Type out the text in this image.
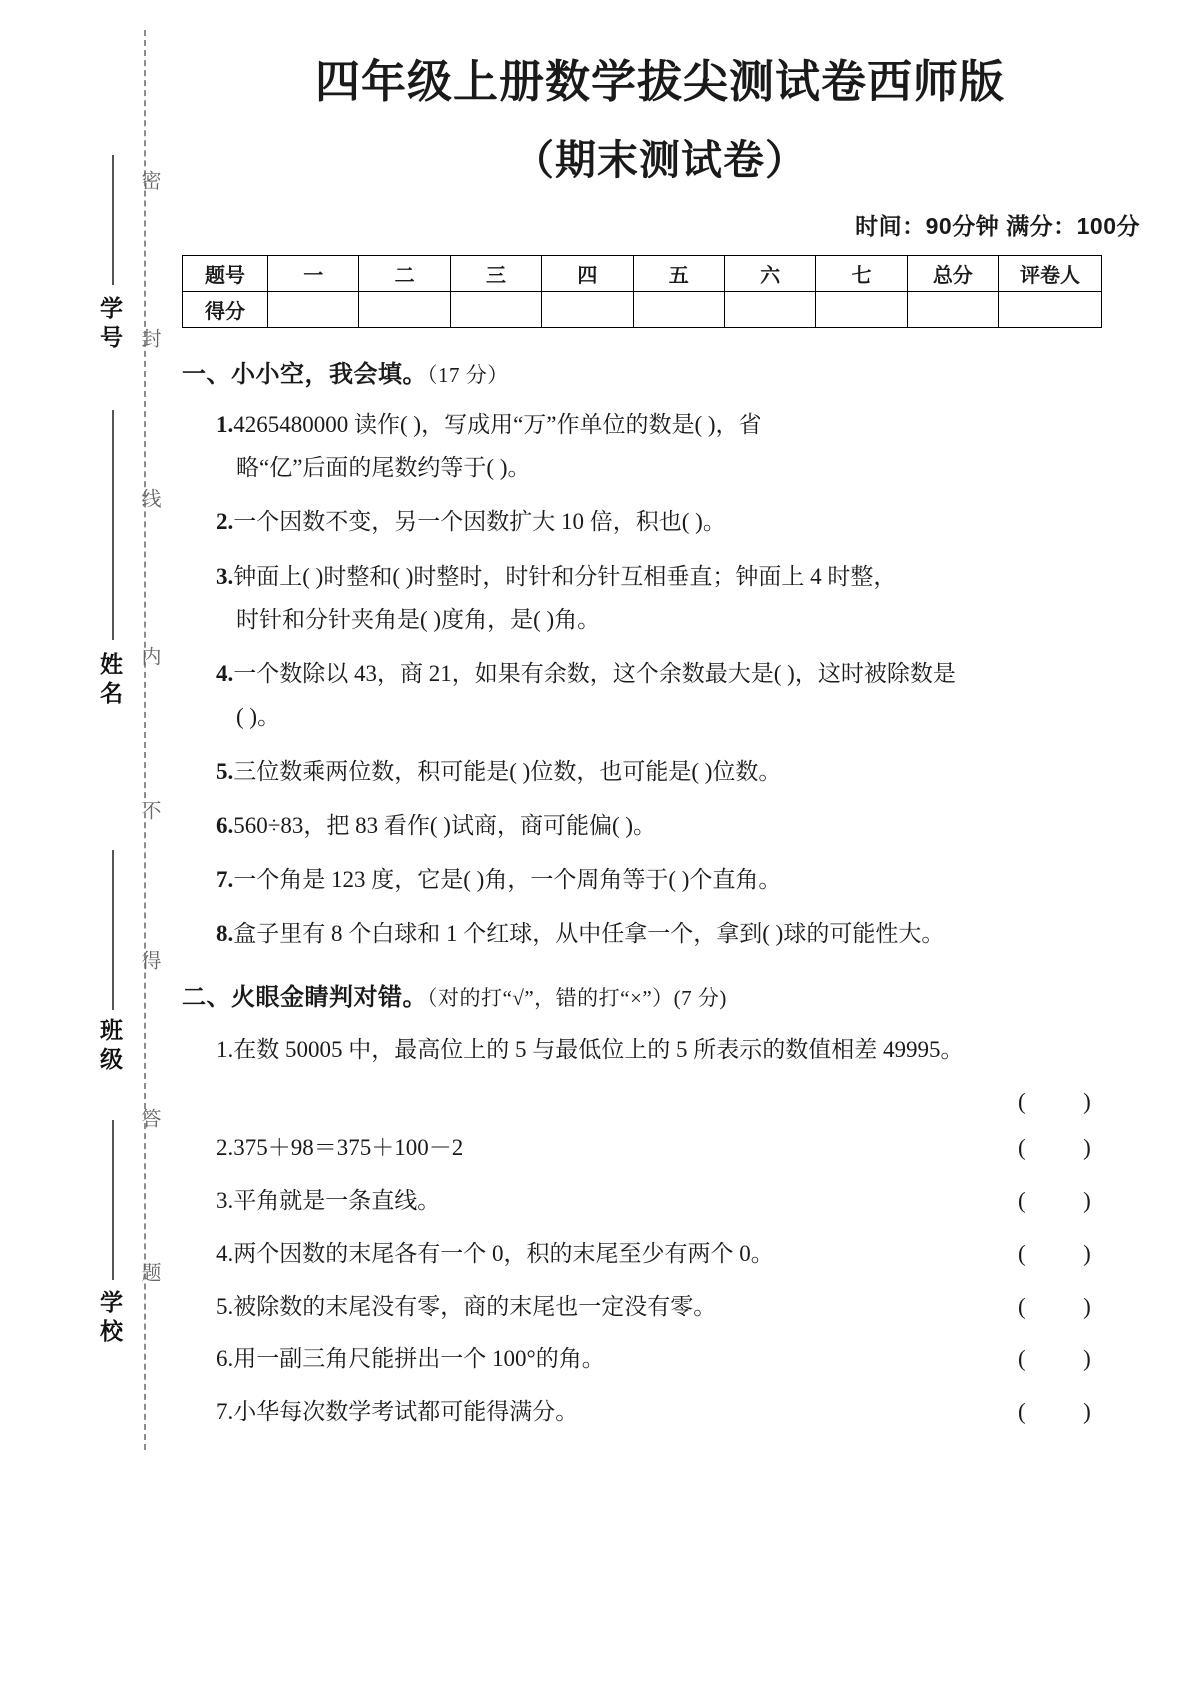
密
封
线
内
不
得
答
题
学号
姓名
班级
学校
四年级上册数学拔尖测试卷西师版
（期末测试卷）
时间：90分钟 满分：100分
题号	一	二	三	四	五	六	七	总分	评卷人
得分									
一、小小空，我会填。（17 分）
1.4265480000 读作( )，写成用“万”作单位的数是( )，省
略“亿”后面的尾数约等于( )。
2.一个因数不变，另一个因数扩大 10 倍，积也( )。
3.钟面上( )时整和( )时整时，时针和分针互相垂直；钟面上 4 时整，
时针和分针夹角是( )度角，是( )角。
4.一个数除以 43，商 21，如果有余数，这个余数最大是( )，这时被除数是
( )。
5.三位数乘两位数，积可能是( )位数，也可能是( )位数。
6.560÷83，把 83 看作( )试商，商可能偏( )。
7.一个角是 123 度，它是( )角，一个周角等于( )个直角。
8.盒子里有 8 个白球和 1 个红球，从中任拿一个，拿到( )球的可能性大。
二、火眼金睛判对错。（对的打“√”，错的打“×”）(7 分)
1.在数 50005 中，最高位上的 5 与最低位上的 5 所表示的数值相差 49995。
(          )
2.375＋98＝375＋100－2	(          )
3.平角就是一条直线。	(          )
4.两个因数的末尾各有一个 0，积的末尾至少有两个 0。	(          )
5.被除数的末尾没有零，商的末尾也一定没有零。	(          )
6.用一副三角尺能拼出一个 100°的角。	(          )
7.小华每次数学考试都可能得满分。	(          )
